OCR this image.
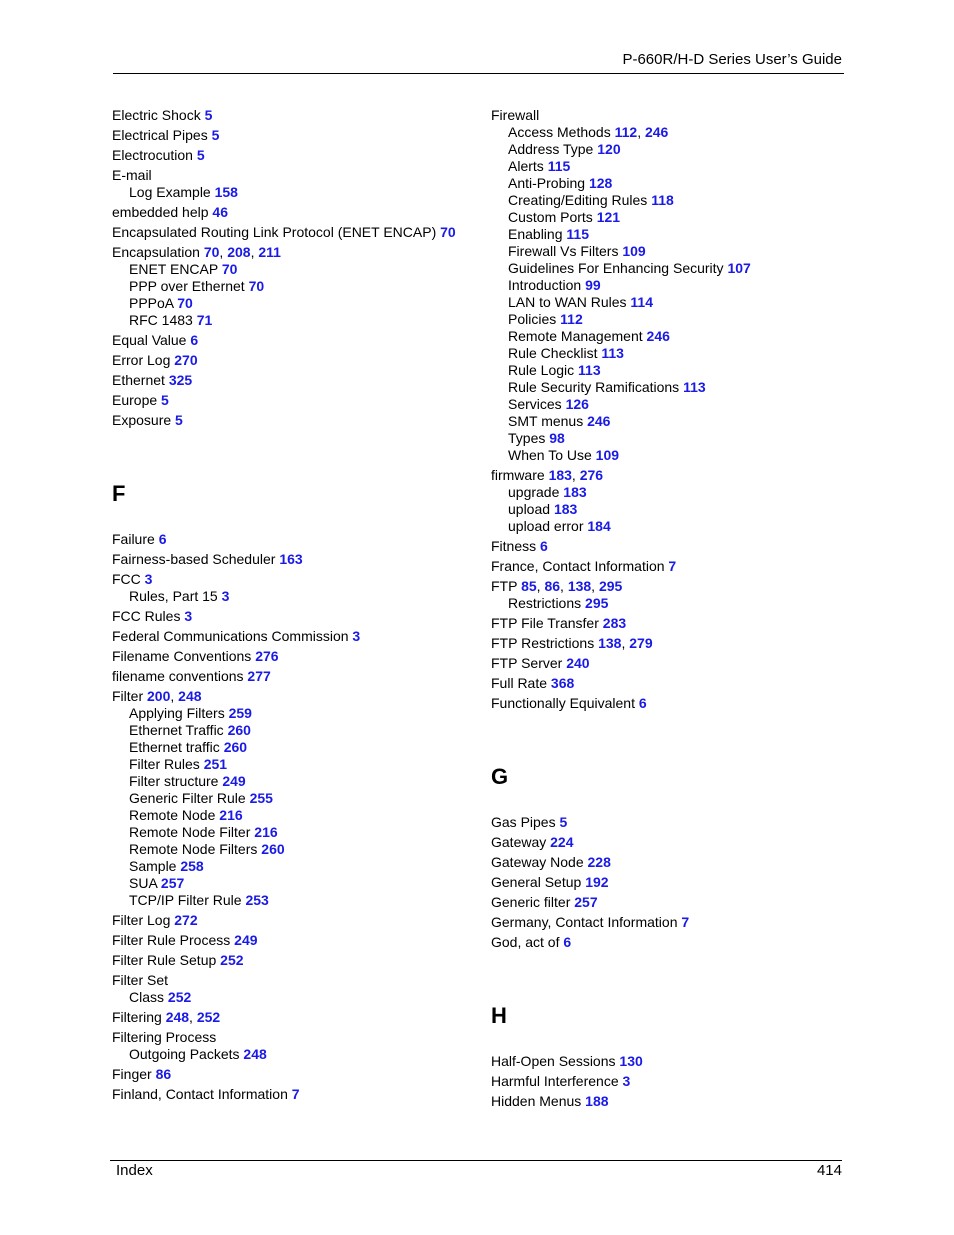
P-660R/H-D Series User’s Guide
Electric Shock 5
Electrical Pipes 5
Electrocution 5
E-mail
Log Example 158
embedded help 46
Encapsulated Routing Link Protocol (ENET ENCAP) 70
Encapsulation 70, 208, 211
ENET ENCAP 70
PPP over Ethernet 70
PPPoA 70
RFC 1483 71
Equal Value 6
Error Log 270
Ethernet 325
Europe 5
Exposure 5
F
Failure 6
Fairness-based Scheduler 163
FCC 3
Rules, Part 15 3
FCC Rules 3
Federal Communications Commission 3
Filename Conventions 276
filename conventions 277
Filter 200, 248
Applying Filters 259
Ethernet Traffic 260
Ethernet traffic 260
Filter Rules 251
Filter structure 249
Generic Filter Rule 255
Remote Node 216
Remote Node Filter 216
Remote Node Filters 260
Sample 258
SUA 257
TCP/IP Filter Rule 253
Filter Log 272
Filter Rule Process 249
Filter Rule Setup 252
Filter Set
Class 252
Filtering 248, 252
Filtering Process
Outgoing Packets 248
Finger 86
Finland, Contact Information 7
Firewall
Access Methods 112, 246
Address Type 120
Alerts 115
Anti-Probing 128
Creating/Editing Rules 118
Custom Ports 121
Enabling 115
Firewall Vs Filters 109
Guidelines For Enhancing Security 107
Introduction 99
LAN to WAN Rules 114
Policies 112
Remote Management 246
Rule Checklist 113
Rule Logic 113
Rule Security Ramifications 113
Services 126
SMT menus 246
Types 98
When To Use 109
firmware 183, 276
upgrade 183
upload 183
upload error 184
Fitness 6
France, Contact Information 7
FTP 85, 86, 138, 295
Restrictions 295
FTP File Transfer 283
FTP Restrictions 138, 279
FTP Server 240
Full Rate 368
Functionally Equivalent 6
G
Gas Pipes 5
Gateway 224
Gateway Node 228
General Setup 192
Generic filter 257
Germany, Contact Information 7
God, act of 6
H
Half-Open Sessions 130
Harmful Interference 3
Hidden Menus 188
Index	414
